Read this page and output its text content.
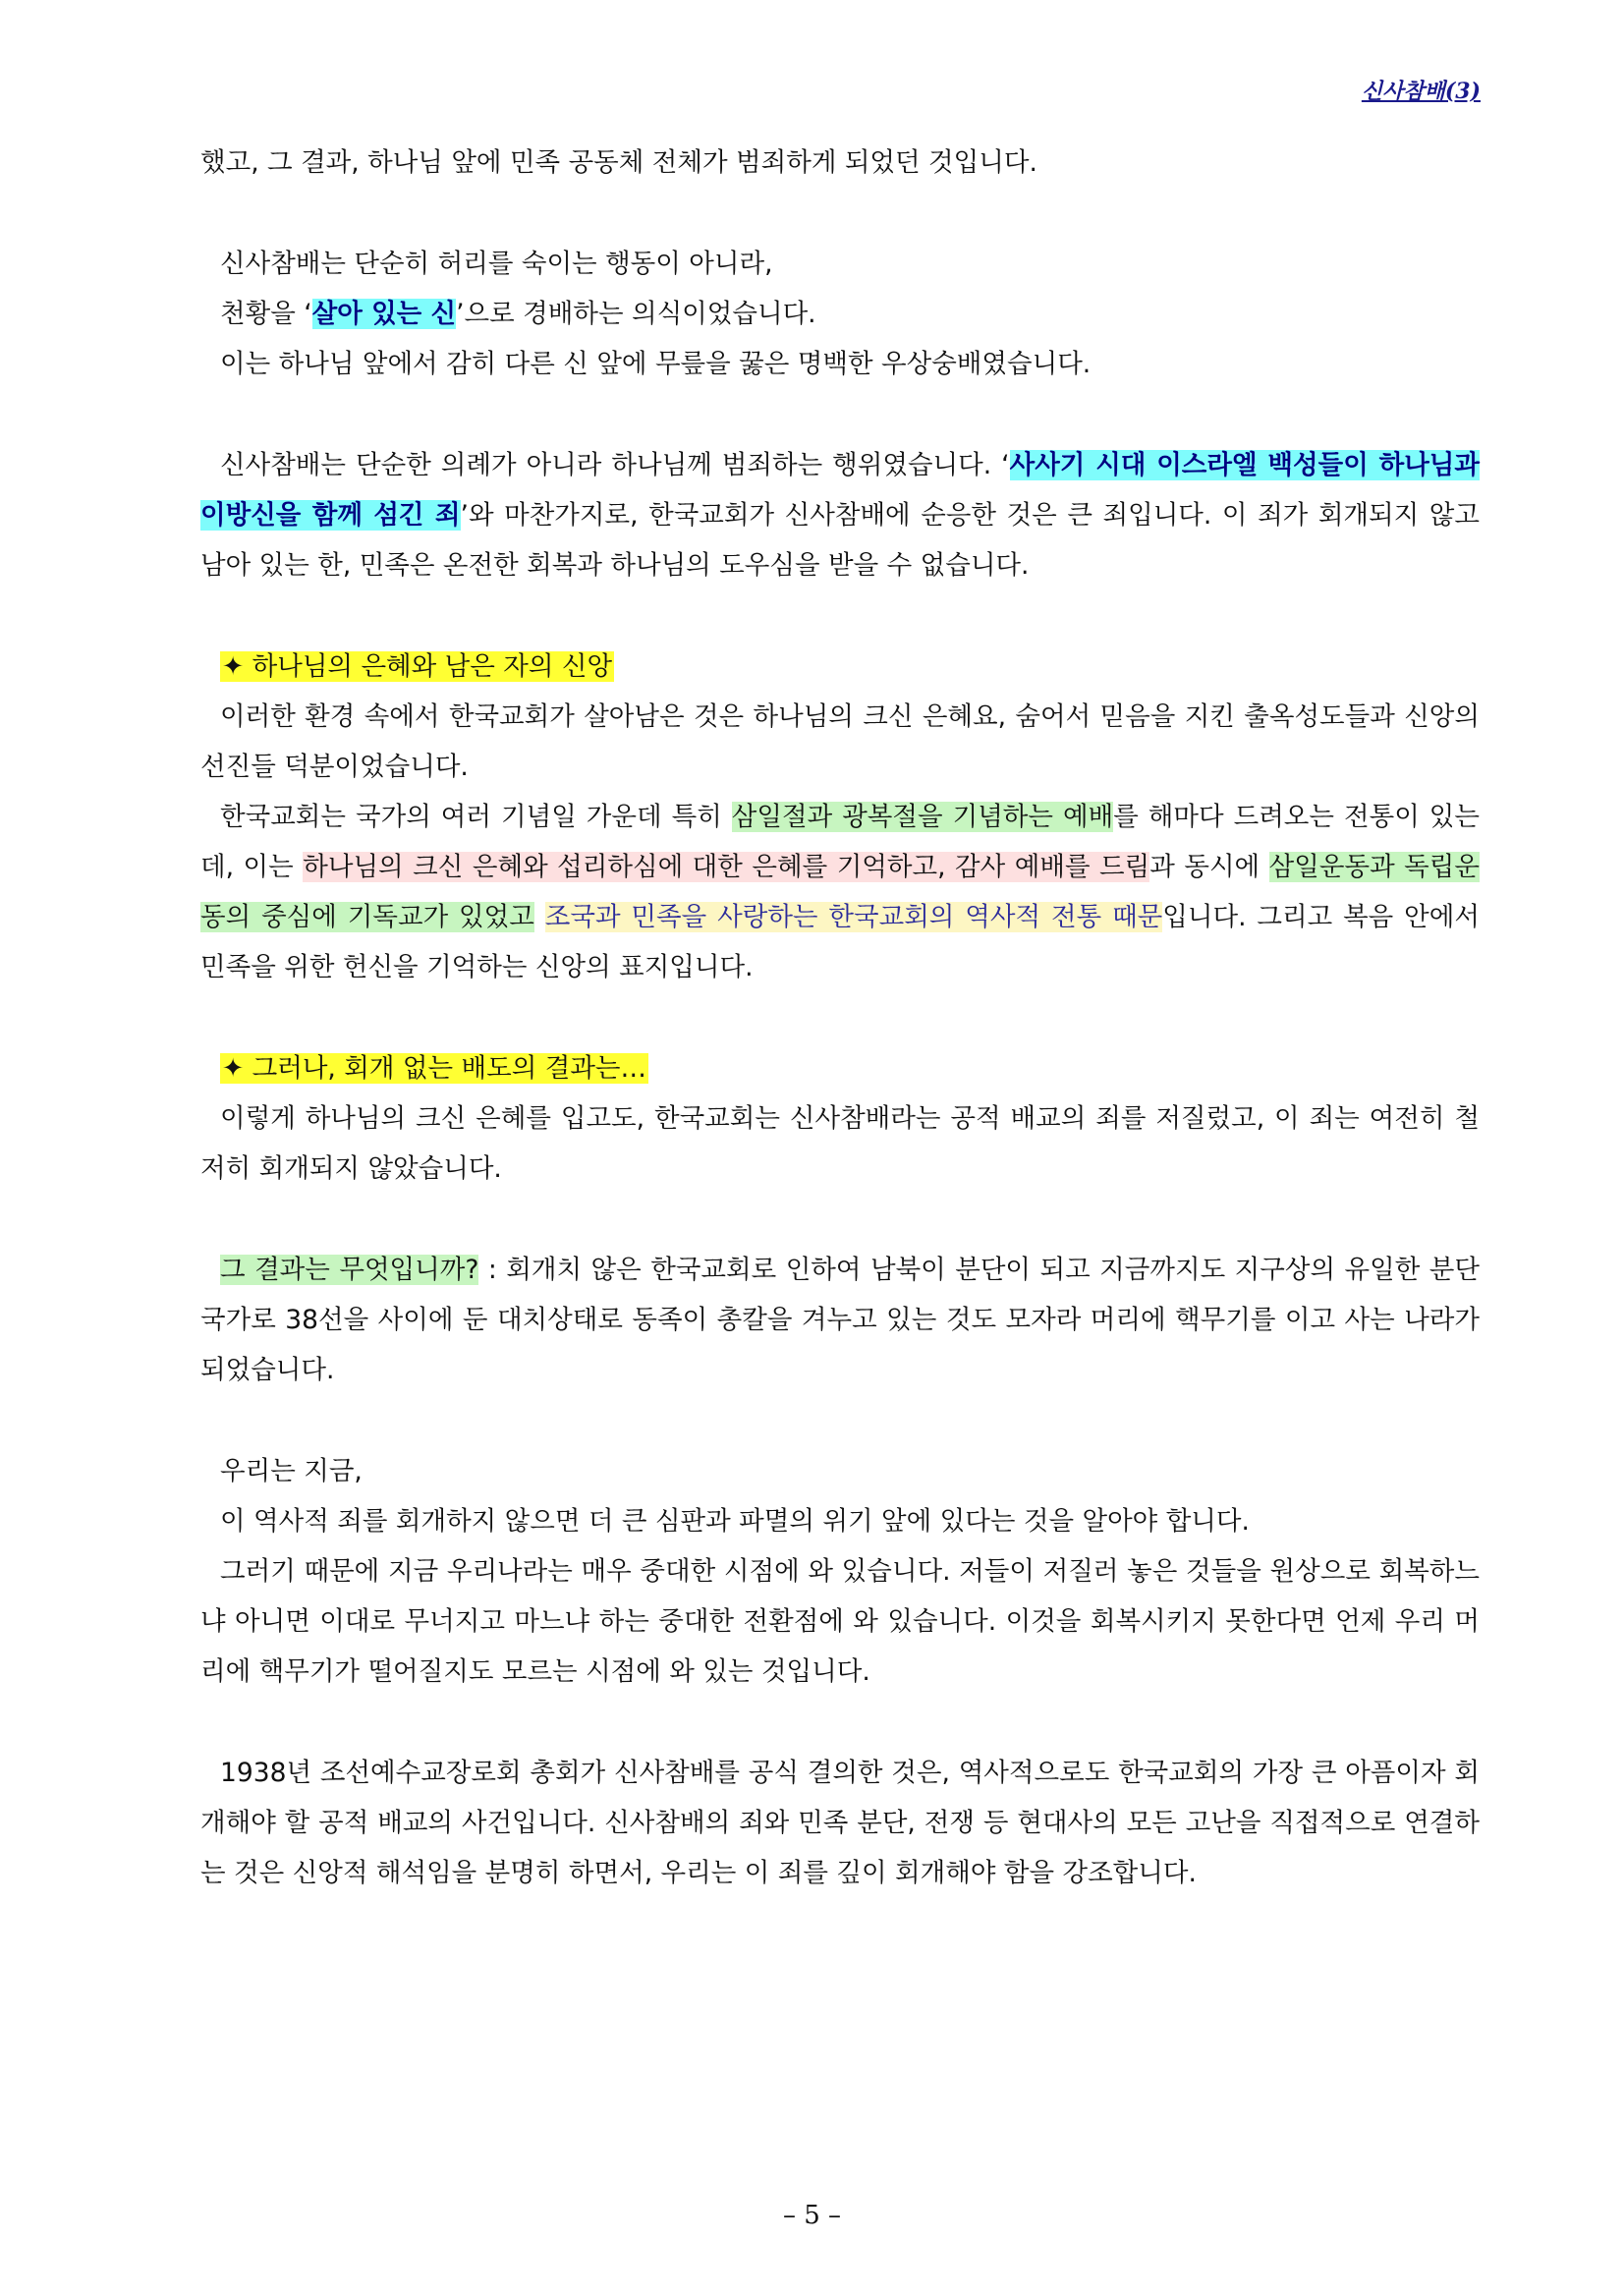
신사참배(3)

했고, 그 결과, 하나님 앞에 민족 공동체 전체가 범죄하게 되었던 것입니다.

신사참배는 단순히 허리를 숙이는 행동이 아니라,

천황을 ‘살아 있는 신’으로 경배하는 의식이었습니다.

이는 하나님 앞에서 감히 다른 신 앞에 무릎을 꿇은 명백한 우상숭배였습니다.

신사참배는 단순한 의례가 아니라 하나님께 범죄하는 행위였습니다. ‘사사기 시대 이스라엘 백성들이 하나님과 이방신을 함께 섬긴 죄’와 마찬가지로, 한국교회가 신사참배에 순응한 것은 큰 죄입니다. 이 죄가 회개되지 않고 남아 있는 한, 민족은 온전한 회복과 하나님의 도우심을 받을 수 없습니다.

✦ 하나님의 은혜와 남은 자의 신앙

이러한 환경 속에서 한국교회가 살아남은 것은 하나님의 크신 은혜요, 숨어서 믿음을 지킨 출옥성도들과 신앙의 선진들 덕분이었습니다.

한국교회는 국가의 여러 기념일 가운데 특히 삼일절과 광복절을 기념하는 예배를 해마다 드려오는 전통이 있는데, 이는 하나님의 크신 은혜와 섭리하심에 대한 은혜를 기억하고, 감사 예배를 드림과 동시에 삼일운동과 독립운동의 중심에 기독교가 있었고 조국과 민족을 사랑하는 한국교회의 역사적 전통 때문입니다. 그리고 복음 안에서 민족을 위한 헌신을 기억하는 신앙의 표지입니다.

✦ 그러나, 회개 없는 배도의 결과는…

이렇게 하나님의 크신 은혜를 입고도, 한국교회는 신사참배라는 공적 배교의 죄를 저질렀고, 이 죄는 여전히 철저히 회개되지 않았습니다.

그 결과는 무엇입니까? : 회개치 않은 한국교회로 인하여 남북이 분단이 되고 지금까지도 지구상의 유일한 분단국가로 38선을 사이에 둔 대치상태로 동족이 총칼을 겨누고 있는 것도 모자라 머리에 핵무기를 이고 사는 나라가 되었습니다.

우리는 지금,

이 역사적 죄를 회개하지 않으면 더 큰 심판과 파멸의 위기 앞에 있다는 것을 알아야 합니다.

그러기 때문에 지금 우리나라는 매우 중대한 시점에 와 있습니다. 저들이 저질러 놓은 것들을 원상으로 회복하느냐 아니면 이대로 무너지고 마느냐 하는 중대한 전환점에 와 있습니다. 이것을 회복시키지 못한다면 언제 우리 머리에 핵무기가 떨어질지도 모르는 시점에 와 있는 것입니다.

1938년 조선예수교장로회 총회가 신사참배를 공식 결의한 것은, 역사적으로도 한국교회의 가장 큰 아픔이자 회개해야 할 공적 배교의 사건입니다. 신사참배의 죄와 민족 분단, 전쟁 등 현대사의 모든 고난을 직접적으로 연결하는 것은 신앙적 해석임을 분명히 하면서, 우리는 이 죄를 깊이 회개해야 함을 강조합니다.

– 5 –
